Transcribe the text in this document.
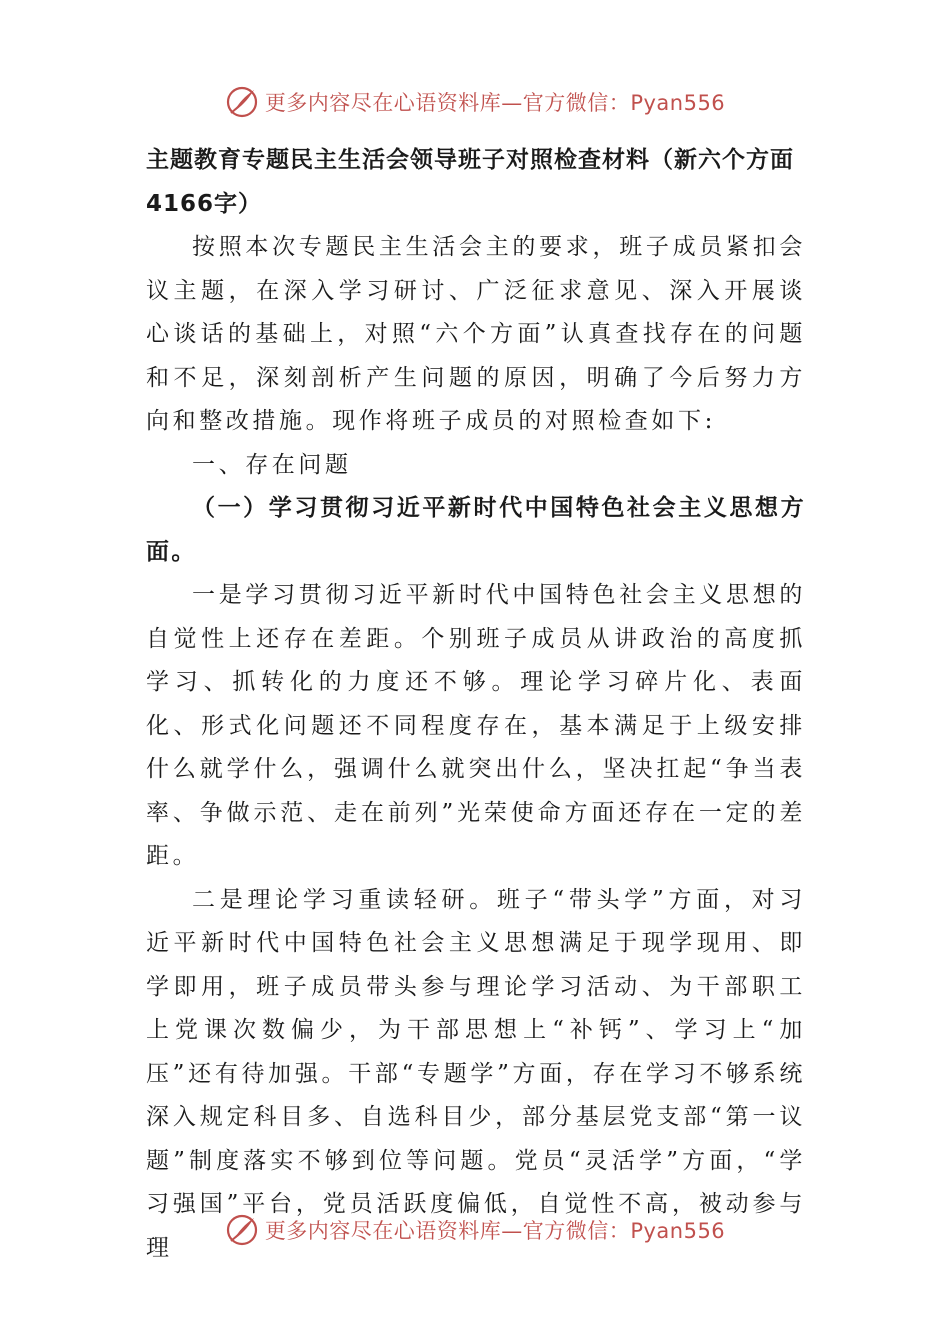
更多内容尽在心语资料库—官方微信：Pyan556
主题教育专题民主生活会领导班子对照检查材料（新六个方面4166字）

按照本次专题民主生活会主的要求，班子成员紧扣会议主题，在深入学习研讨、广泛征求意见、深入开展谈心谈话的基础上，对照“六个方面”认真查找存在的问题和不足，深刻剖析产生问题的原因，明确了今后努力方向和整改措施。现作将班子成员的对照检查如下:

一、存在问题

（一）学习贯彻习近平新时代中国特色社会主义思想方面。

一是学习贯彻习近平新时代中国特色社会主义思想的自觉性上还存在差距。个别班子成员从讲政治的高度抓学习、抓转化的力度还不够。理论学习碎片化、表面化、形式化问题还不同程度存在，基本满足于上级安排什么就学什么，强调什么就突出什么，坚决扛起“争当表率、争做示范、走在前列”光荣使命方面还存在一定的差距。

二是理论学习重读轻研。班子“带头学”方面，对习近平新时代中国特色社会主义思想满足于现学现用、即学即用，班子成员带头参与理论学习活动、为干部职工上党课次数偏少，为干部思想上“补钙”、学习上“加压”还有待加强。干部“专题学”方面，存在学习不够系统深入规定科目多、自选科目少，部分基层党支部“第一议题”制度落实不够到位等问题。党员“灵活学”方面，“学习强国”平台，党员活跃度偏低，自觉性不高，被动参与理

更多内容尽在心语资料库—官方微信：Pyan556
